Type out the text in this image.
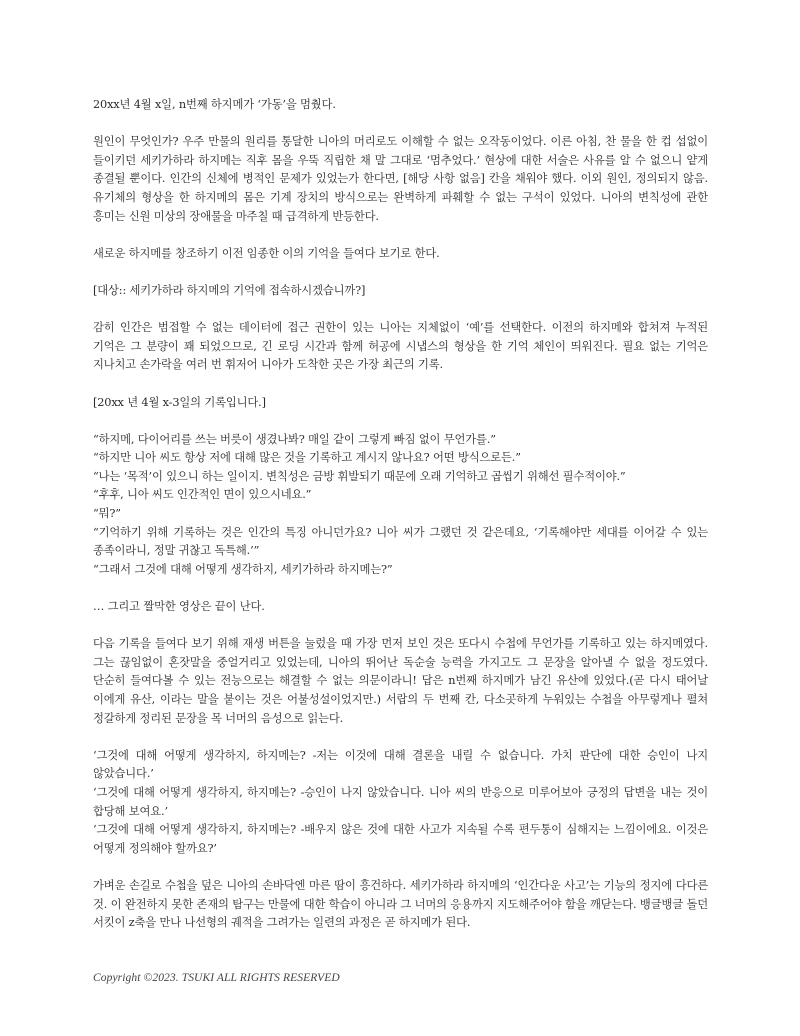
20xx년 4월 x일, n번째 하지메가 ‘가동’을 멈췄다.

원인이 무엇인가? 우주 만물의 원리를 통달한 니아의 머리로도 이해할 수 없는 오작동이었다. 이른 아침, 찬 물을 한 컵 섭없이 들이키던 세키가하라 하지메는 직후 몸을 우뚝 직립한 채 말 그대로 ‘멈추었다.’ 현상에 대한 서술은 사유를 알 수 없으니 얕게 종결될 뿐이다. 인간의 신체에 병적인 문제가 있었는가 한다면, [해당 사항 없음] 칸을 채워야 했다. 이외 원인, 정의되지 않음. 유기체의 형상을 한 하지메의 몸은 기계 장치의 방식으로는 완벽하게 파훼할 수 없는 구석이 있었다. 니아의 변칙성에 관한 흥미는 신원 미상의 장애물을 마주칠 때 급격하게 반등한다.

새로운 하지메를 창조하기 이전 임종한 이의 기억을 들여다 보기로 한다.

[대상:: 세키가하라 하지메의 기억에 접속하시겠습니까?]

감히 인간은 범접할 수 없는 데이터에 접근 권한이 있는 니아는 지체없이 ‘예’를 선택한다. 이전의 하지메와 합쳐져 누적된 기억은 그 분량이 꽤 되었으므로, 긴 로딩 시간과 함께 허공에 시냅스의 형상을 한 기억 체인이 띄워진다. 필요 없는 기억은 지나치고 손가락을 여러 번 휘저어 니아가 도착한 곳은 가장 최근의 기록.

[20xx 년 4월 x-3일의 기록입니다.]

“하지메, 다이어리를 쓰는 버릇이 생겼나봐? 매일 같이 그렇게 빠짐 없이 무언가를.”

“하지만 니아 씨도 항상 저에 대해 많은 것을 기록하고 계시지 않나요? 어떤 방식으로든.”

“나는 ‘목적’이 있으니 하는 일이지. 변칙성은 금방 휘발되기 때문에 오래 기억하고 곱씹기 위해선 필수적이야.”

“후후, 니아 씨도 인간적인 면이 있으시네요.”

“뭐?”

“기억하기 위해 기록하는 것은 인간의 특징 아니던가요? 니아 씨가 그랬던 것 같은데요, ‘기록해야만 세대를 이어갈 수 있는 종족이라니, 정말 귀찮고 독특해.’”

“그래서 그것에 대해 어떻게 생각하지, 세키가하라 하지메는?”

… 그리고 짤막한 영상은 끝이 난다.

다음 기록을 들여다 보기 위해 재생 버튼을 눌렀을 때 가장 먼저 보인 것은 또다시 수첩에 무언가를 기록하고 있는 하지메였다. 그는 끊임없이 혼잣말을 중얼거리고 있었는데, 니아의 뛰어난 독순술 능력을 가지고도 그 문장을 알아낼 수 없을 정도였다. 단순히 들여다볼 수 있는 전능으로는 해결할 수 없는 의문이라니! 답은 n번째 하지메가 남긴 유산에 있었다.(곧 다시 태어날 이에게 유산, 이라는 말을 붙이는 것은 어불성설이었지만.) 서랍의 두 번째 칸, 다소곳하게 누워있는 수첩을 아무렇게나 펼쳐 정갈하게 정리된 문장을 목 너머의 음성으로 읽는다.

‘그것에 대해 어떻게 생각하지, 하지메는? -저는 이것에 대해 결론을 내릴 수 없습니다. 가치 판단에 대한 승인이 나지 않았습니다.’

‘그것에 대해 어떻게 생각하지, 하지메는? -승인이 나지 않았습니다. 니아 씨의 반응으로 미루어보아 긍정의 답변을 내는 것이 합당해 보여요.’

‘그것에 대해 어떻게 생각하지, 하지메는? -배우지 않은 것에 대한 사고가 지속될 수록 편두통이 심해지는 느낌이에요. 이것은 어떻게 정의해야 할까요?’

가벼운 손길로 수첩을 덮은 니아의 손바닥엔 마른 땀이 흥건하다. 세키가하라 하지메의 ‘인간다운 사고’는 기능의 정지에 다다른 것. 이 완전하지 못한 존재의 탐구는 만물에 대한 학습이 아니라 그 너머의 응용까지 지도해주어야 함을 깨닫는다. 뱅글뱅글 돌던 서킷이 z축을 만나 나선형의 궤적을 그려가는 일련의 과정은 곧 하지메가 된다.

Copyright ©2023. TSUKI ALL RIGHTS RESERVED
